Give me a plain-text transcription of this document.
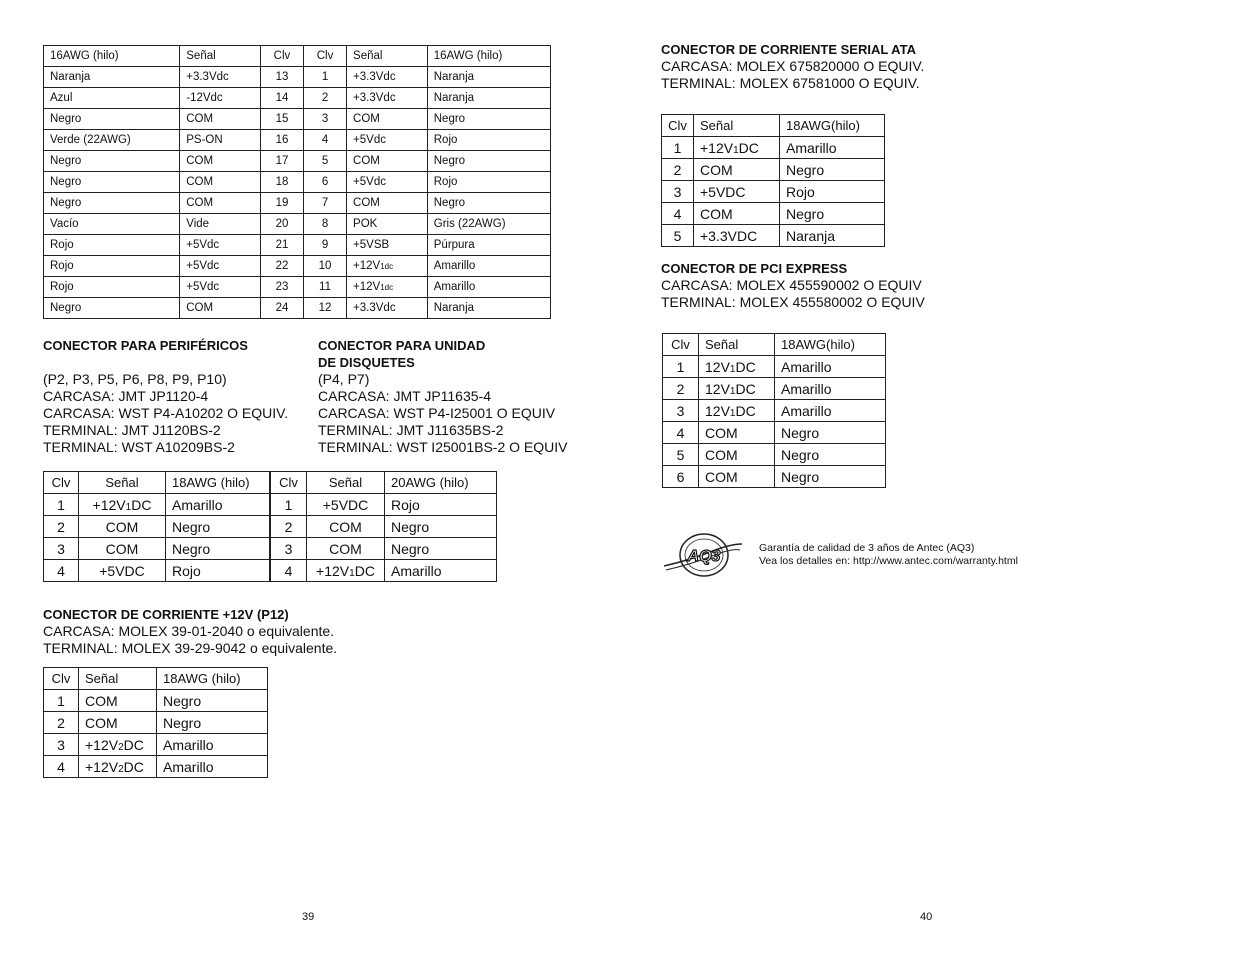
16AWG (hilo)	Señal	Clv	Clv	Señal	16AWG (hilo)
Naranja	+3.3Vdc	13	1	+3.3Vdc	Naranja
Azul	-12Vdc	14	2	+3.3Vdc	Naranja
Negro	COM	15	3	COM	Negro
Verde (22AWG)	PS-ON	16	4	+5Vdc	Rojo
Negro	COM	17	5	COM	Negro
Negro	COM	18	6	+5Vdc	Rojo
Negro	COM	19	7	COM	Negro
Vacío	Vide	20	8	POK	Gris (22AWG)
Rojo	+5Vdc	21	9	+5VSB	Púrpura
Rojo	+5Vdc	22	10	+12V1dc	Amarillo
Rojo	+5Vdc	23	11	+12V1dc	Amarillo
Negro	COM	24	12	+3.3Vdc	Naranja
CONECTOR PARA PERIFÉRICOS	CONECTOR PARA UNIDAD
DE DISQUETES
(P2, P3, P5, P6, P8, P9, P10)
CARCASA: JMT JP1120-4
CARCASA: WST P4-A10202 O EQUIV.
TERMINAL: JMT J1120BS-2
TERMINAL: WST A10209BS-2
(P4, P7)
CARCASA: JMT JP11635-4
CARCASA: WST P4-I25001 O EQUIV
TERMINAL: JMT J11635BS-2
TERMINAL: WST I25001BS-2 O EQUIV
Clv	Señal	18AWG (hilo)
1	+12V1DC	Amarillo
2	COM	Negro
3	COM	Negro
4	+5VDC	Rojo
Clv	Señal	20AWG (hilo)
1	+5VDC	Rojo
2	COM	Negro
3	COM	Negro
4	+12V1DC	Amarillo
CONECTOR DE CORRIENTE +12V (P12)
CARCASA: MOLEX 39-01-2040 o equivalente.
TERMINAL: MOLEX 39-29-9042 o equivalente.
Clv	Señal	18AWG (hilo)
1	COM	Negro
2	COM	Negro
3	+12V2DC	Amarillo
4	+12V2DC	Amarillo
CONECTOR DE CORRIENTE SERIAL ATA
CARCASA: MOLEX 675820000 O EQUIV.
TERMINAL: MOLEX 67581000 O EQUIV.
Clv	Señal	18AWG(hilo)
1	+12V1DC	Amarillo
2	COM	Negro
3	+5VDC	Rojo
4	COM	Negro
5	+3.3VDC	Naranja
CONECTOR DE PCI EXPRESS
CARCASA: MOLEX 455590002 O EQUIV
TERMINAL: MOLEX 455580002 O EQUIV
Clv	Señal	18AWG(hilo)
1	12V1DC	Amarillo
2	12V1DC	Amarillo
3	12V1DC	Amarillo
4	COM	Negro
5	COM	Negro
6	COM	Negro
AQ3	Garantía de calidad de 3 años de Antec (AQ3)
Vea los detalles en: http://www.antec.com/warranty.html
39	40
